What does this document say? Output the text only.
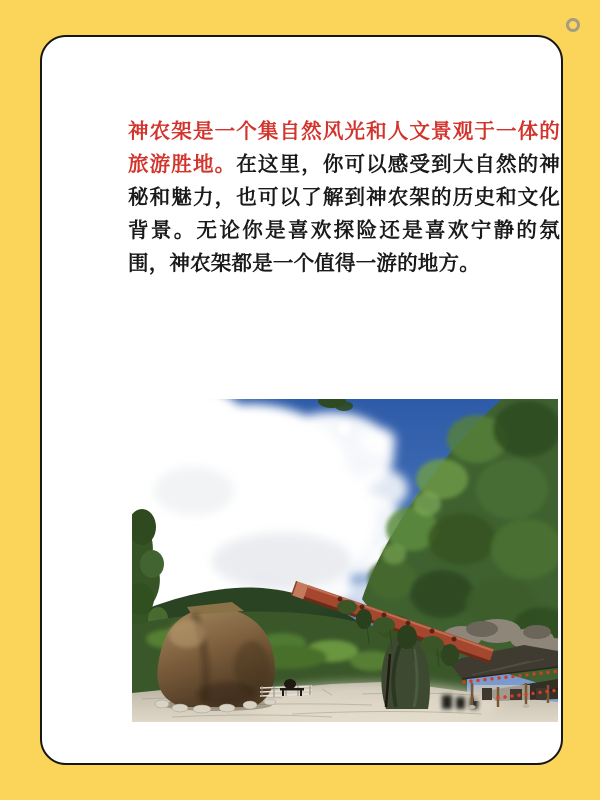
神农架是一个集自然风光和人文景观于一体的旅游胜地。在这里，你可以感受到大自然的神秘和魅力，也可以了解到神农架的历史和文化背景。无论你是喜欢探险还是喜欢宁静的氛围，神农架都是一个值得一游的地方。
